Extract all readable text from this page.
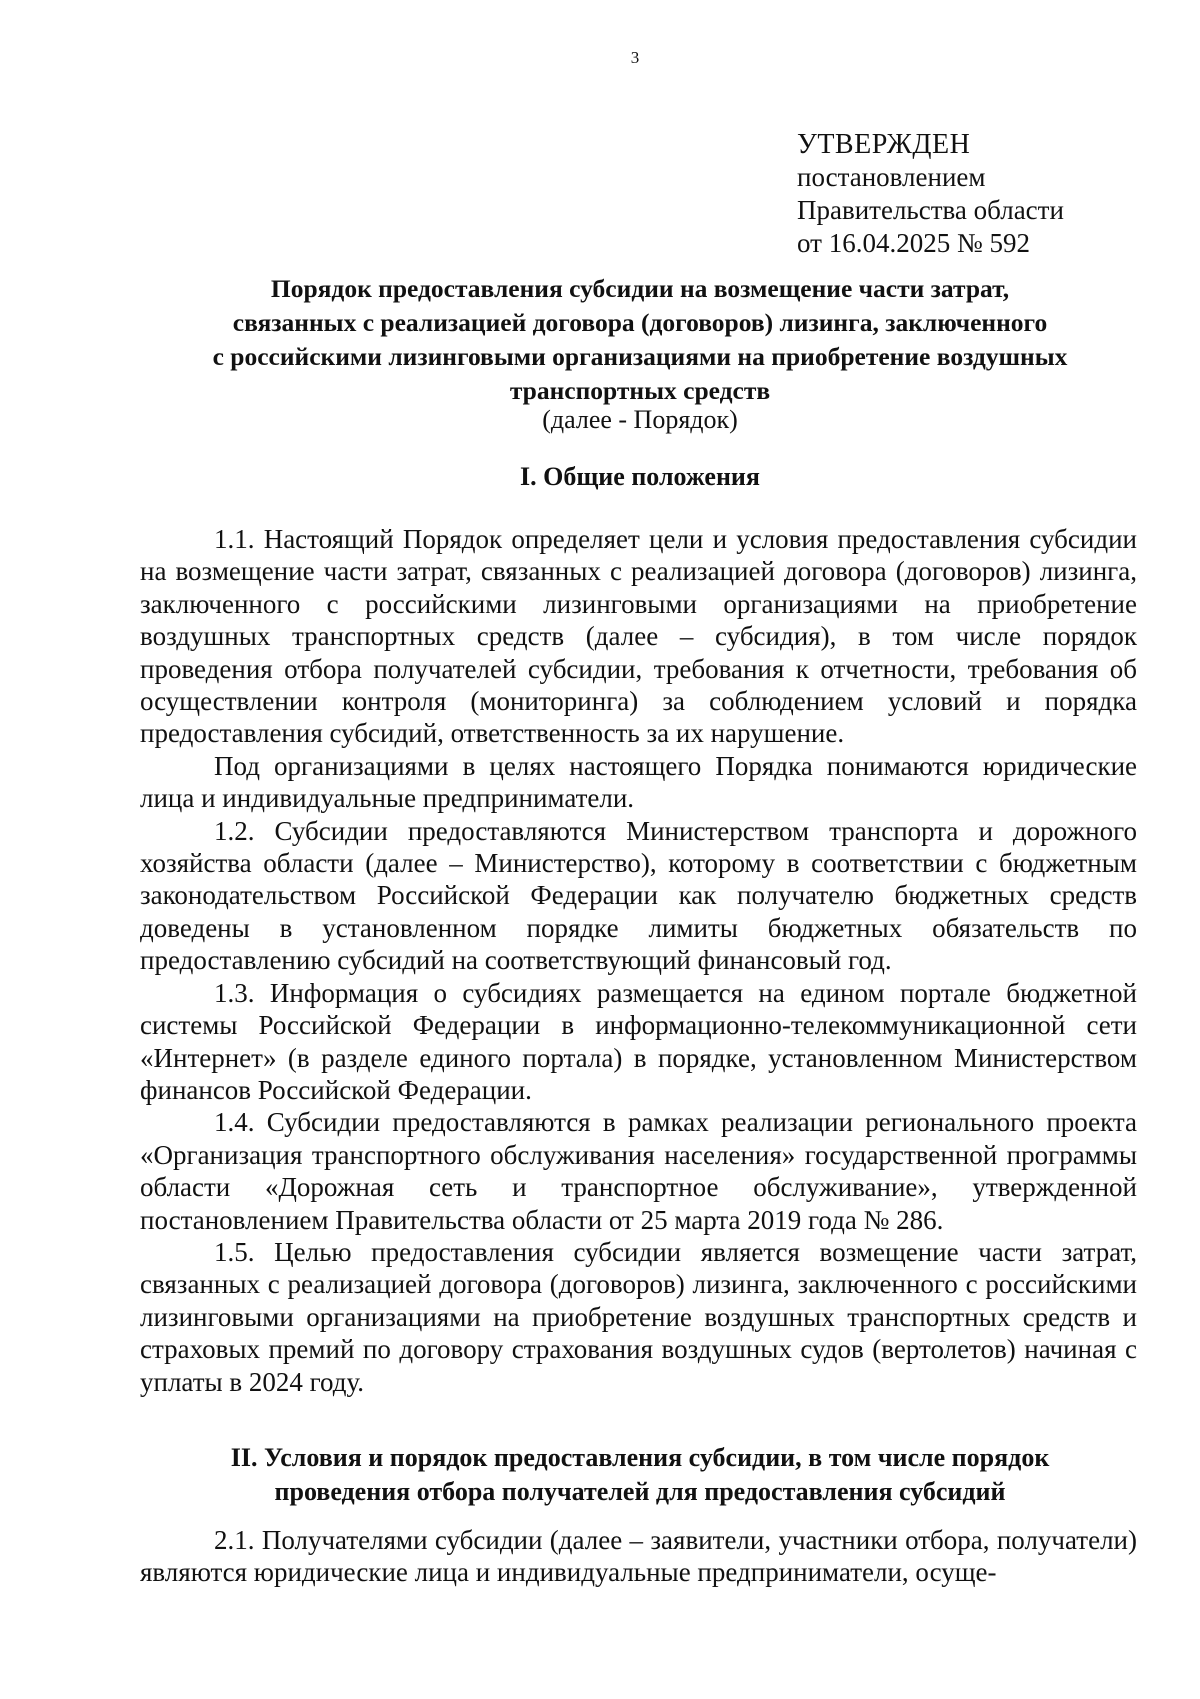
3
УТВЕРЖДЕН
постановлением
Правительства области
от 16.04.2025 № 592
Порядок предоставления субсидии на возмещение части затрат,
связанных с реализацией договора (договоров) лизинга, заключенного
с российскими лизинговыми организациями на приобретение воздушных
транспортных средств
(далее - Порядок)
I. Общие положения

1.1. Настоящий Порядок определяет цели и условия предоставления субсидии на возмещение части затрат, связанных с реализацией договора (договоров) лизинга, заключенного с российскими лизинговыми организациями на приобретение воздушных транспортных средств (далее – субсидия), в том числе порядок проведения отбора получателей субсидии, требования к отчетности, требования об осуществлении контроля (мониторинга) за соблюдением условий и порядка предоставления субсидий, ответственность за их нарушение.

Под организациями в целях настоящего Порядка понимаются юридические лица и индивидуальные предприниматели.

1.2. Субсидии предоставляются Министерством транспорта и дорожного хозяйства области (далее – Министерство), которому в соответствии с бюджетным законодательством Российской Федерации как получателю бюджетных средств доведены в установленном порядке лимиты бюджетных обязательств по предоставлению субсидий на соответствующий финансовый год.

1.3. Информация о субсидиях размещается на едином портале бюджетной системы Российской Федерации в информационно-телекоммуникационной сети «Интернет» (в разделе единого портала) в порядке, установленном Министерством финансов Российской Федерации.

1.4. Субсидии предоставляются в рамках реализации регионального проекта «Организация транспортного обслуживания населения» государственной программы области «Дорожная сеть и транспортное обслуживание», утвержденной постановлением Правительства области от 25 марта 2019 года № 286.

1.5. Целью предоставления субсидии является возмещение части затрат, связанных с реализацией договора (договоров) лизинга, заключенного с российскими лизинговыми организациями на приобретение воздушных транспортных средств и страховых премий по договору страхования воздушных судов (вертолетов) начиная с уплаты в 2024 году.

II. Условия и порядок предоставления субсидии, в том числе порядок
проведения отбора получателей для предоставления субсидий

2.1. Получателями субсидии (далее – заявители, участники отбора, получатели) являются юридические лица и индивидуальные предприниматели, осуще-
